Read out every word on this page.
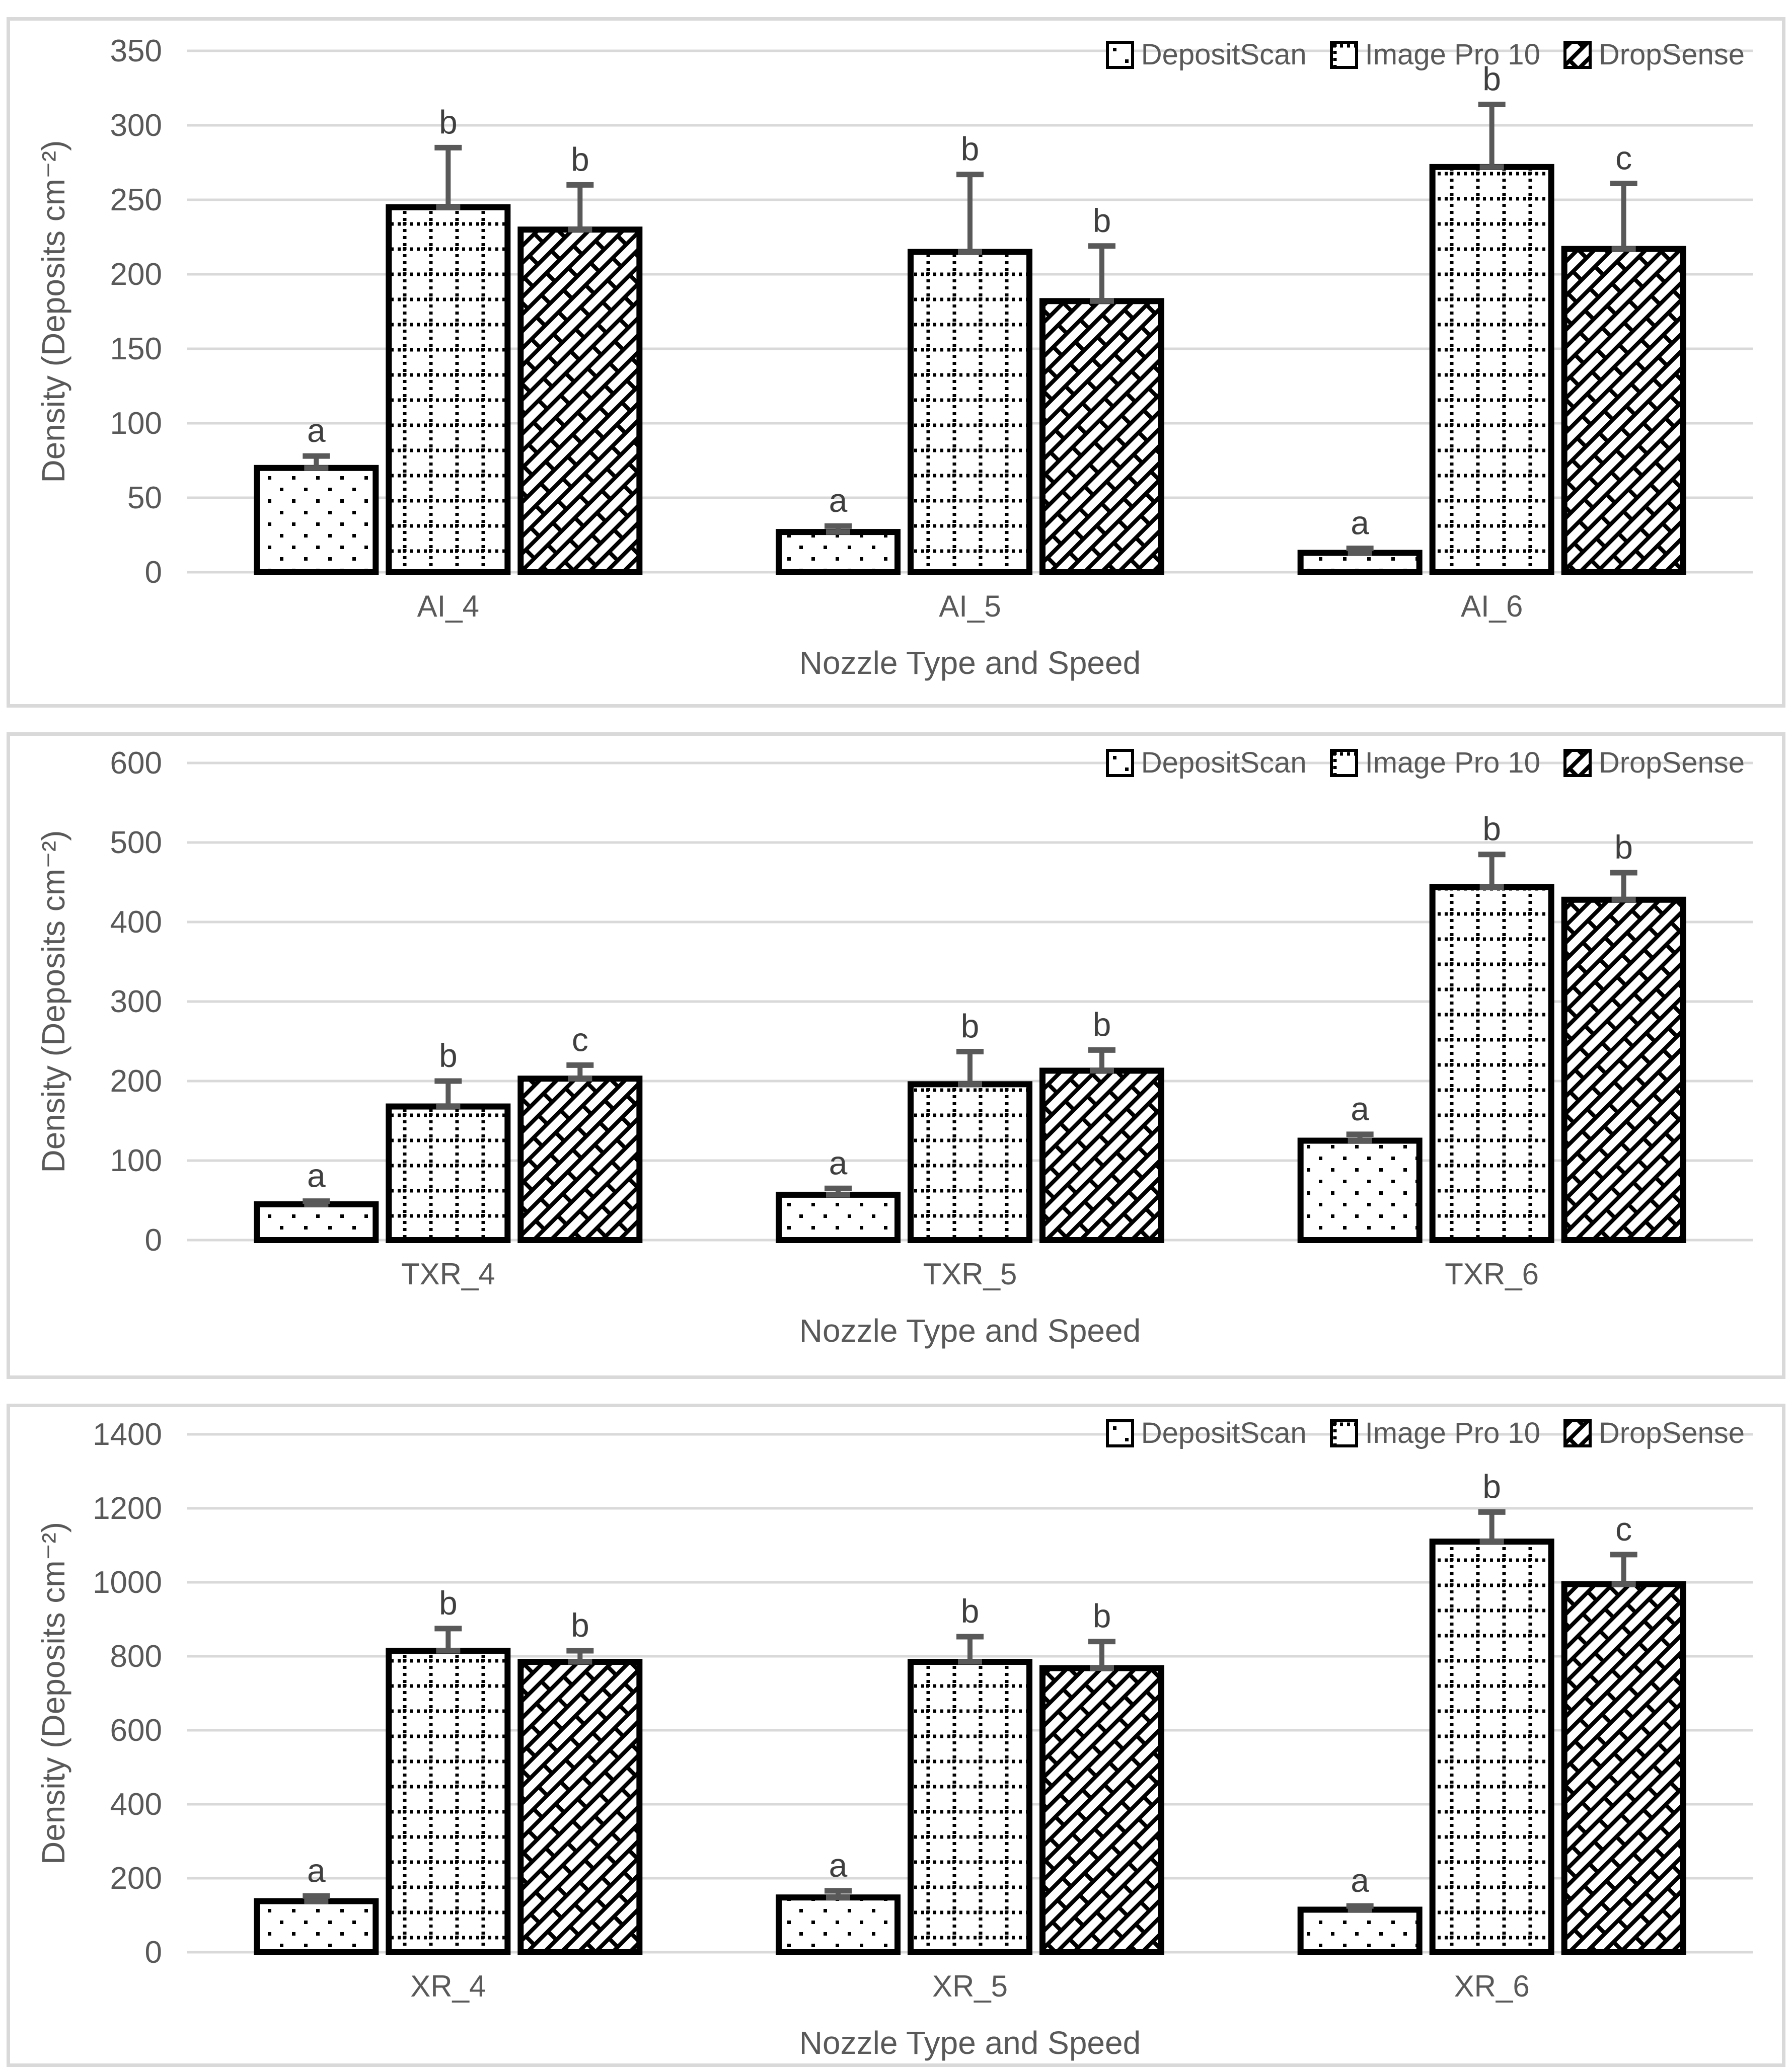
DepositScan Image Pro 10 DropSense
0
50
100
150
200
250
300
350
a
b
b
a
b
b
a
b
c
AI_4	AI_5	AI_6
Nozzle Type and Speed
Density (Deposits cm⁻²)
DepositScan Image Pro 10 DropSense
0
100
200
300
400
500
600
a
b	c
a
b	b
a
b	b
TXR_4	TXR_5	TXR_6
Nozzle Type and Speed
Density (Deposits cm⁻²)
DepositScan Image Pro 10 DropSense
0
200
400
600
800
1000
1200
1400
a
b
b
a
b	b
a
b
c
XR_4	XR_5	XR_6
Nozzle Type and Speed
Density (Deposits cm⁻²)
